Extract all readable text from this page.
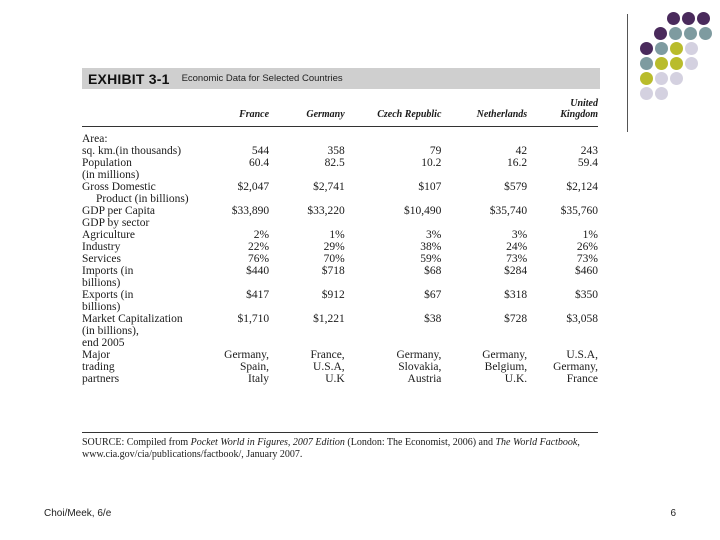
EXHIBIT 3-1 Economic Data for Selected Countries
	France	Germany	Czech Republic	Netherlands	United Kingdom
Area:					
sq. km.(in thousands)	544	358	79	42	243
Population	60.4	82.5	10.2	16.2	59.4
(in millions)					
Gross Domestic	$2,047	$2,741	$107	$579	$2,124
Product (in billions)					
GDP per Capita	$33,890	$33,220	$10,490	$35,740	$35,760
GDP by sector					
Agriculture	2%	1%	3%	3%	1%
Industry	22%	29%	38%	24%	26%
Services	76%	70%	59%	73%	73%
Imports (in	$440	$718	$68	$284	$460
billions)					
Exports (in	$417	$912	$67	$318	$350
billions)					
Market Capitalization	$1,710	$1,221	$38	$728	$3,058
(in billions),					
end 2005					
Major	Germany,	France,	Germany,	Germany,	U.S.A,
trading	Spain,	U.S.A,	Slovakia,	Belgium,	Germany,
partners	Italy	U.K	Austria	U.K.	France
SOURCE: Compiled from Pocket World in Figures, 2007 Edition (London: The Economist, 2006) and The World Factbook, www.cia.gov/cia/publications/factbook/, January 2007.
Choi/Meek, 6/e	6
